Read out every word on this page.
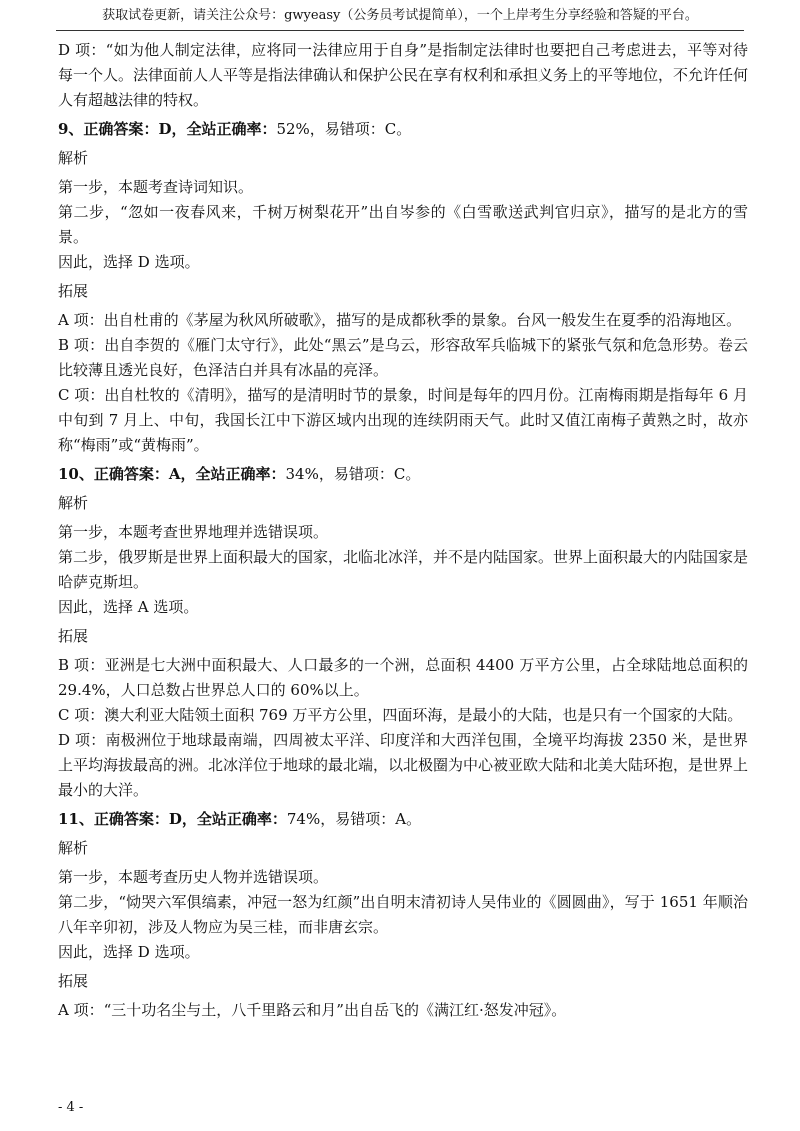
获取试卷更新，请关注公众号：gwyeasy（公务员考试提简单），一个上岸考生分享经验和答疑的平台。

D 项：“如为他人制定法律，应将同一法律应用于自身”是指制定法律时也要把自己考虑进去，平等对待每一个人。法律面前人人平等是指法律确认和保护公民在享有权利和承担义务上的平等地位，不允许任何人有超越法律的特权。

9、正确答案：D，全站正确率：52%，易错项：C。

解析

第一步，本题考查诗词知识。

第二步，“忽如一夜春风来，千树万树梨花开”出自岑参的《白雪歌送武判官归京》，描写的是北方的雪景。

因此，选择 D 选项。

拓展

A 项：出自杜甫的《茅屋为秋风所破歌》，描写的是成都秋季的景象。台风一般发生在夏季的沿海地区。

B 项：出自李贺的《雁门太守行》，此处“黑云”是乌云，形容敌军兵临城下的紧张气氛和危急形势。卷云比较薄且透光良好，色泽洁白并具有冰晶的亮泽。

C 项：出自杜牧的《清明》，描写的是清明时节的景象，时间是每年的四月份。江南梅雨期是指每年 6 月中旬到 7 月上、中旬，我国长江中下游区域内出现的连续阴雨天气。此时又值江南梅子黄熟之时，故亦称“梅雨”或“黄梅雨”。

10、正确答案：A，全站正确率：34%，易错项：C。

解析

第一步，本题考查世界地理并选错误项。

第二步，俄罗斯是世界上面积最大的国家，北临北冰洋，并不是内陆国家。世界上面积最大的内陆国家是哈萨克斯坦。

因此，选择 A 选项。

拓展

B 项：亚洲是七大洲中面积最大、人口最多的一个洲，总面积 4400 万平方公里，占全球陆地总面积的 29.4%，人口总数占世界总人口的 60%以上。

C 项：澳大利亚大陆领土面积 769 万平方公里，四面环海，是最小的大陆，也是只有一个国家的大陆。

D 项：南极洲位于地球最南端，四周被太平洋、印度洋和大西洋包围，全境平均海拔 2350 米，是世界上平均海拔最高的洲。北冰洋位于地球的最北端，以北极圈为中心被亚欧大陆和北美大陆环抱，是世界上最小的大洋。

11、正确答案：D，全站正确率：74%，易错项：A。

解析

第一步，本题考查历史人物并选错误项。

第二步，“恸哭六军俱缟素，冲冠一怒为红颜”出自明末清初诗人吴伟业的《圆圆曲》，写于 1651 年顺治八年辛卯初，涉及人物应为吴三桂，而非唐玄宗。

因此，选择 D 选项。

拓展

A 项：“三十功名尘与土，八千里路云和月”出自岳飞的《满江红·怒发冲冠》。

- 4 -
